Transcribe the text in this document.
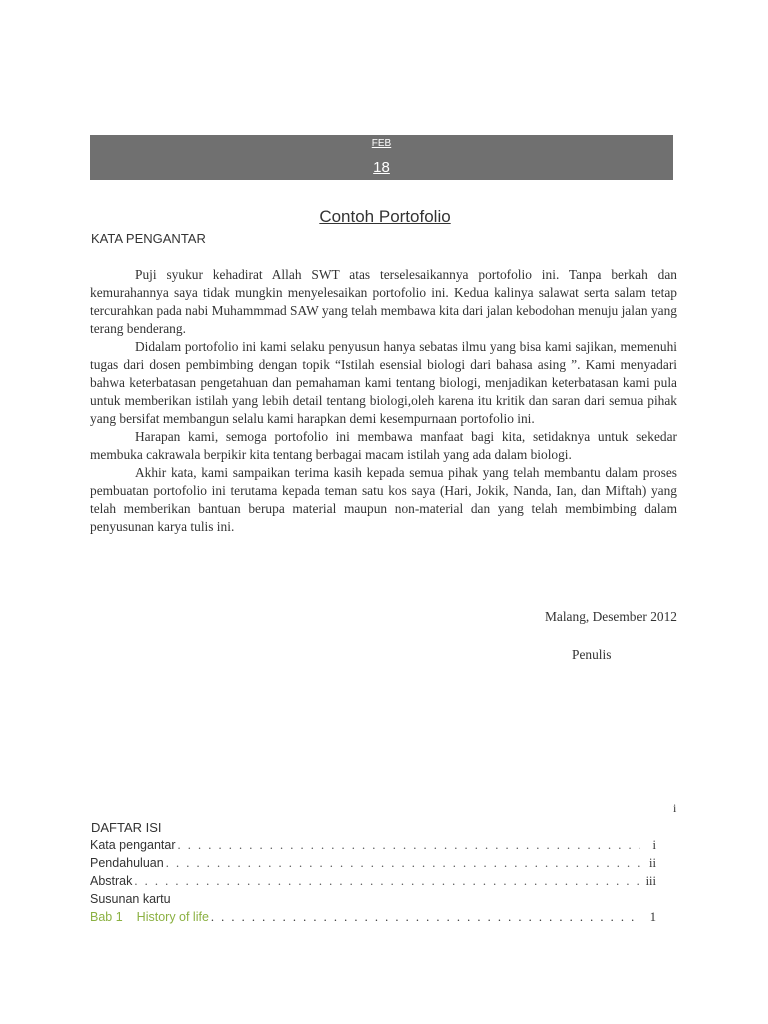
FEB
18
Contoh Portofolio
KATA PENGANTAR

Puji syukur kehadirat Allah SWT atas terselesaikannya portofolio ini. Tanpa berkah dan kemurahannya saya tidak mungkin menyelesaikan portofolio ini. Kedua kalinya salawat serta salam tetap tercurahkan pada nabi Muhammmad SAW yang telah membawa kita dari jalan kebodohan menuju jalan yang terang benderang.

Didalam portofolio ini kami selaku penyusun hanya sebatas ilmu yang bisa kami sajikan, memenuhi tugas dari dosen pembimbing dengan topik “Istilah esensial biologi dari bahasa asing ”. Kami menyadari bahwa keterbatasan pengetahuan dan pemahaman kami tentang biologi, menjadikan keterbatasan kami pula untuk memberikan istilah yang lebih detail tentang biologi,oleh karena itu kritik dan saran dari semua pihak yang bersifat membangun selalu kami harapkan demi kesempurnaan portofolio ini.

Harapan kami, semoga portofolio ini membawa manfaat bagi kita, setidaknya untuk sekedar membuka cakrawala berpikir kita tentang berbagai macam istilah yang ada dalam biologi.

Akhir kata, kami sampaikan terima kasih kepada semua pihak yang telah membantu dalam proses pembuatan portofolio ini terutama kepada teman satu kos saya (Hari, Jokik, Nanda, Ian, dan Miftah) yang telah memberikan bantuan berupa material maupun non-material dan yang telah membimbing dalam penyusunan karya tulis ini.

Malang, Desember 2012
Penulis
i
DAFTAR ISI
Kata pengantar . . .	i
Pendahuluan . . .	ii
Abstrak . . .	iii
Susunan kartu
Bab 1 History of life . . .	1
